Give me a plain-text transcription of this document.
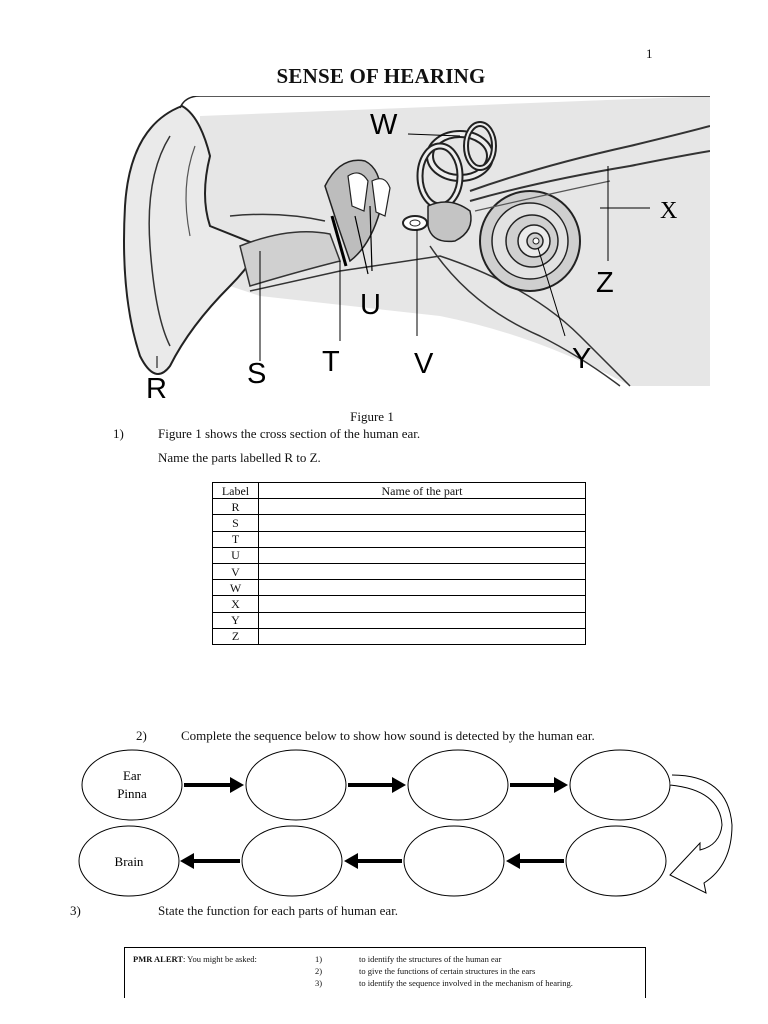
1
SENSE OF HEARING
R	S T
U
V
W
X
Y
Z
Figure 1
1)	Figure 1 shows the cross section of the human ear.
Name the parts labelled R to Z.
Label	Name of the part
R	
S	
T	
U	
V	
W	
X	
Y	
Z	
2)	Complete the sequence below to show how sound is detected by the human ear.
Ear
Pinna
Brain
3)	State the function for each parts of human ear.
PMR ALERT: You might be asked:	1)	to identify the structures of the human ear
2)	to give the functions of certain structures in the ears
3)	to identify the sequence involved in the mechanism of hearing.
